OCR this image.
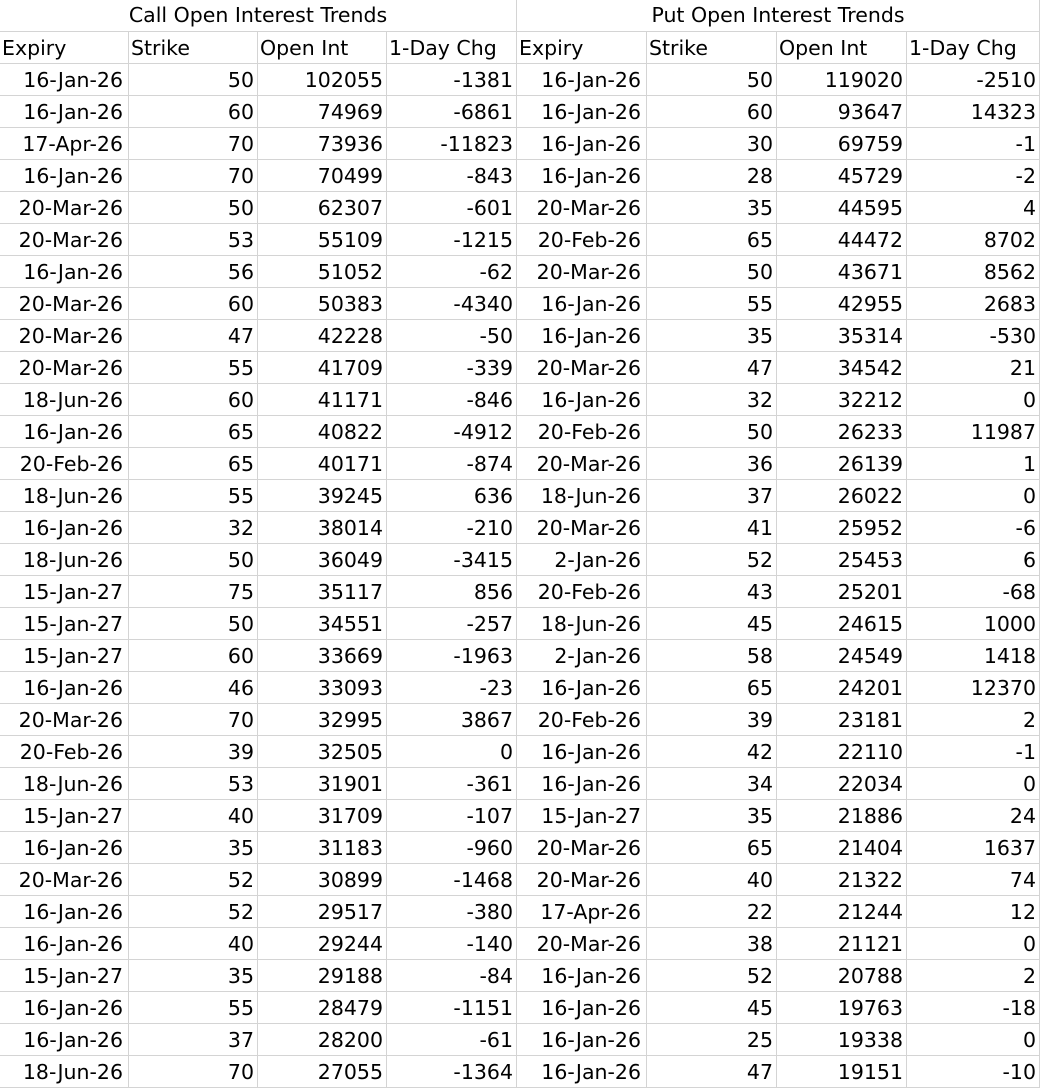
Call Open Interest Trends	Put Open Interest Trends
Expiry	Strike	Open Int	1-Day Chg	Expiry	Strike	Open Int	1-Day Chg
16-Jan-26	50	102055	-1381	16-Jan-26	50	119020	-2510
16-Jan-26	60	74969	-6861	16-Jan-26	60	93647	14323
17-Apr-26	70	73936	-11823	16-Jan-26	30	69759	-1
16-Jan-26	70	70499	-843	16-Jan-26	28	45729	-2
20-Mar-26	50	62307	-601	20-Mar-26	35	44595	4
20-Mar-26	53	55109	-1215	20-Feb-26	65	44472	8702
16-Jan-26	56	51052	-62	20-Mar-26	50	43671	8562
20-Mar-26	60	50383	-4340	16-Jan-26	55	42955	2683
20-Mar-26	47	42228	-50	16-Jan-26	35	35314	-530
20-Mar-26	55	41709	-339	20-Mar-26	47	34542	21
18-Jun-26	60	41171	-846	16-Jan-26	32	32212	0
16-Jan-26	65	40822	-4912	20-Feb-26	50	26233	11987
20-Feb-26	65	40171	-874	20-Mar-26	36	26139	1
18-Jun-26	55	39245	636	18-Jun-26	37	26022	0
16-Jan-26	32	38014	-210	20-Mar-26	41	25952	-6
18-Jun-26	50	36049	-3415	2-Jan-26	52	25453	6
15-Jan-27	75	35117	856	20-Feb-26	43	25201	-68
15-Jan-27	50	34551	-257	18-Jun-26	45	24615	1000
15-Jan-27	60	33669	-1963	2-Jan-26	58	24549	1418
16-Jan-26	46	33093	-23	16-Jan-26	65	24201	12370
20-Mar-26	70	32995	3867	20-Feb-26	39	23181	2
20-Feb-26	39	32505	0	16-Jan-26	42	22110	-1
18-Jun-26	53	31901	-361	16-Jan-26	34	22034	0
15-Jan-27	40	31709	-107	15-Jan-27	35	21886	24
16-Jan-26	35	31183	-960	20-Mar-26	65	21404	1637
20-Mar-26	52	30899	-1468	20-Mar-26	40	21322	74
16-Jan-26	52	29517	-380	17-Apr-26	22	21244	12
16-Jan-26	40	29244	-140	20-Mar-26	38	21121	0
15-Jan-27	35	29188	-84	16-Jan-26	52	20788	2
16-Jan-26	55	28479	-1151	16-Jan-26	45	19763	-18
16-Jan-26	37	28200	-61	16-Jan-26	25	19338	0
18-Jun-26	70	27055	-1364	16-Jan-26	47	19151	-10
